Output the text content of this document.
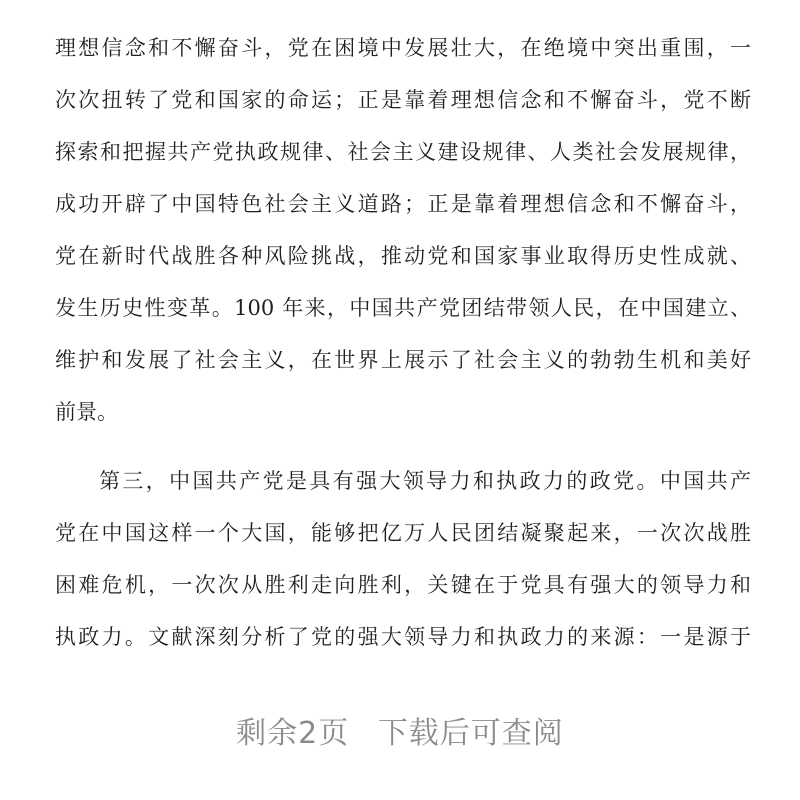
理想信念和不懈奋斗，党在困境中发展壮大，在绝境中突出重围，一
次次扭转了党和国家的命运；正是靠着理想信念和不懈奋斗，党不断
探索和把握共产党执政规律、社会主义建设规律、人类社会发展规律，
成功开辟了中国特色社会主义道路；正是靠着理想信念和不懈奋斗，
党在新时代战胜各种风险挑战，推动党和国家事业取得历史性成就、
发生历史性变革。100 年来，中国共产党团结带领人民，在中国建立、
维护和发展了社会主义，在世界上展示了社会主义的勃勃生机和美好
前景。
第三，中国共产党是具有强大领导力和执政力的政党。中国共产
党在中国这样一个大国，能够把亿万人民团结凝聚起来，一次次战胜
困难危机，一次次从胜利走向胜利，关键在于党具有强大的领导力和
执政力。文献深刻分析了党的强大领导力和执政力的来源：一是源于
剩余2页 下载后可查阅
